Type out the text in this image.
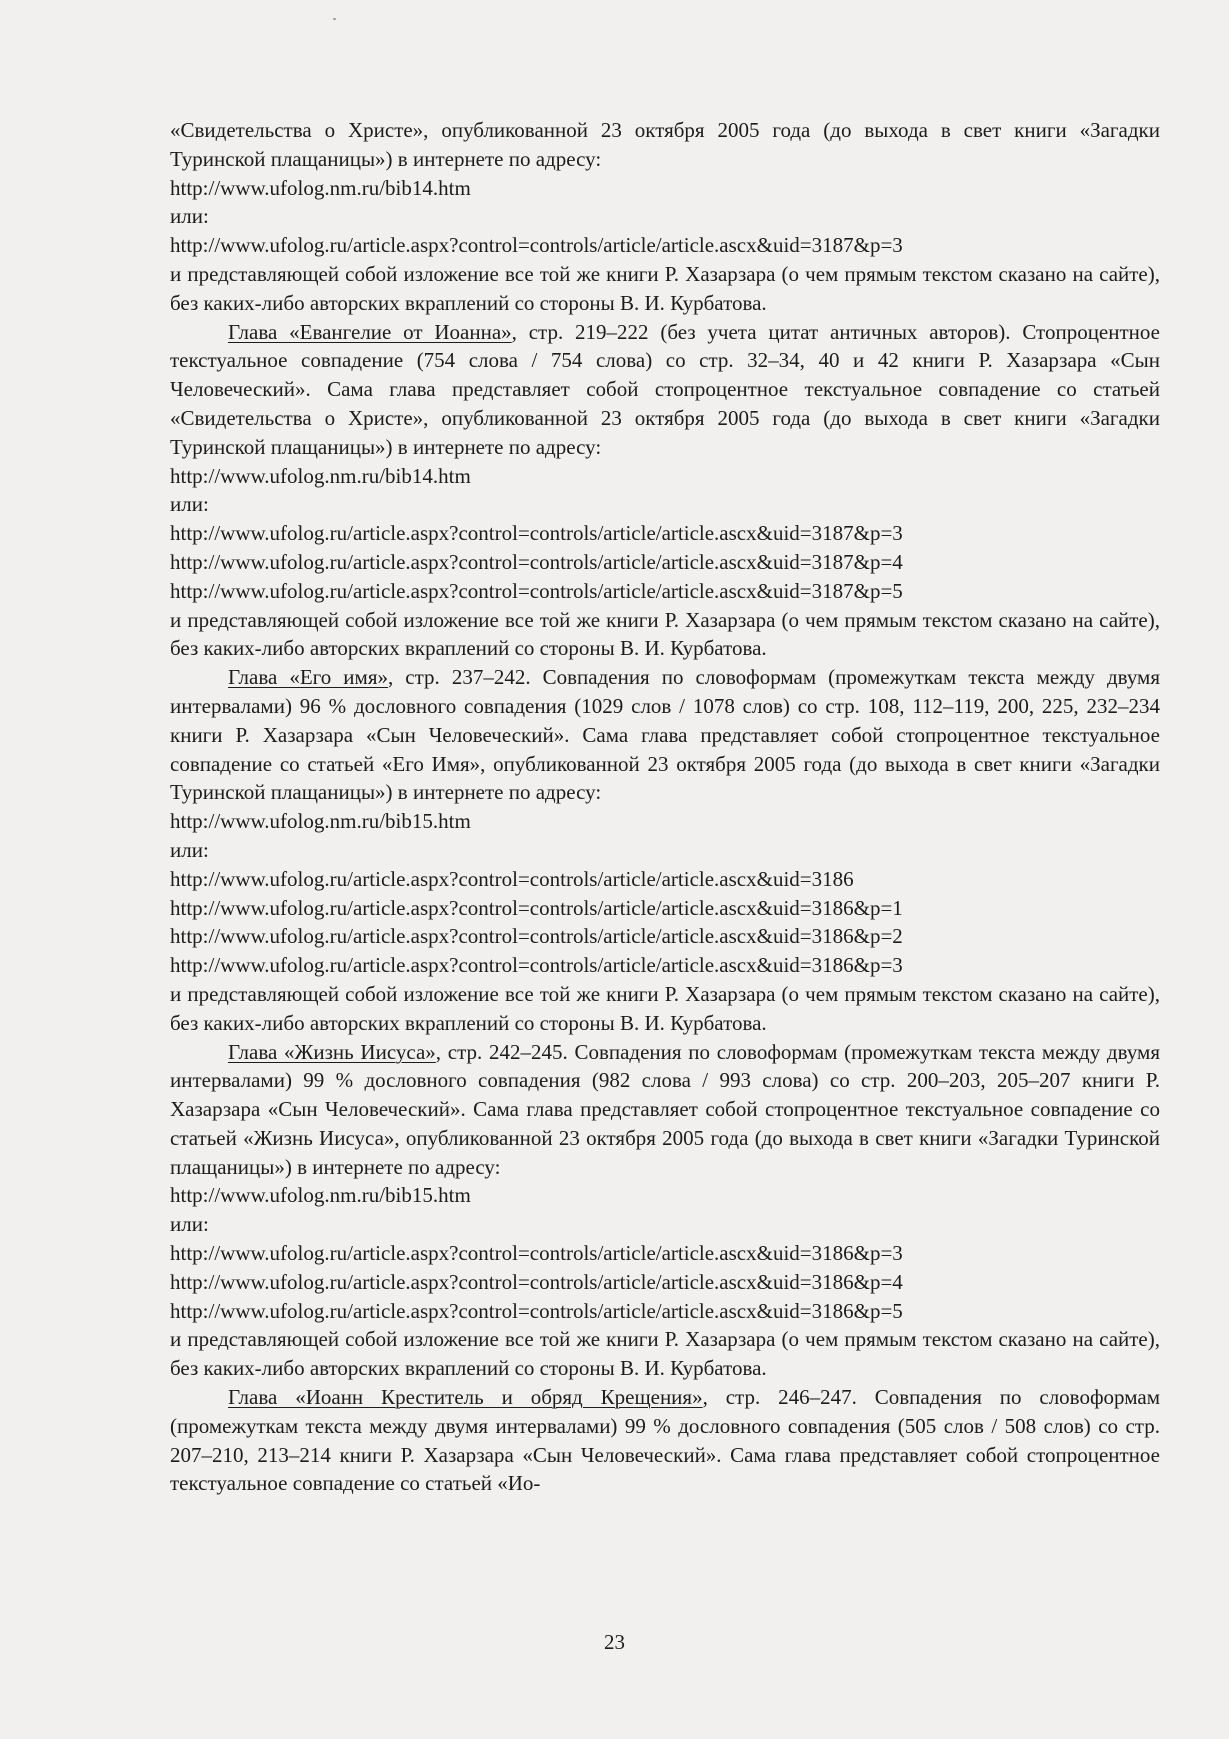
«Свидетельства о Христе», опубликованной 23 октября 2005 года (до выхода в свет книги «Загадки Туринской плащаницы») в интернете по адресу:

http://www.ufolog.nm.ru/bib14.htm
или:
http://www.ufolog.ru/article.aspx?control=controls/article/article.ascx&uid=3187&p=3

и представляющей собой изложение все той же книги Р. Хазарзара (о чем прямым текстом сказано на сайте), без каких-либо авторских вкраплений со стороны В. И. Курбатова.

Глава «Евангелие от Иоанна», стр. 219–222 (без учета цитат античных авторов). Стопроцентное текстуальное совпадение (754 слова / 754 слова) со стр. 32–34, 40 и 42 книги Р. Хазарзара «Сын Человеческий». Сама глава представляет собой стопроцентное текстуальное совпадение со статьей «Свидетельства о Христе», опубликованной 23 октября 2005 года (до выхода в свет книги «Загадки Туринской плащаницы») в интернете по адресу:

http://www.ufolog.nm.ru/bib14.htm
или:
http://www.ufolog.ru/article.aspx?control=controls/article/article.ascx&uid=3187&p=3
http://www.ufolog.ru/article.aspx?control=controls/article/article.ascx&uid=3187&p=4
http://www.ufolog.ru/article.aspx?control=controls/article/article.ascx&uid=3187&p=5

и представляющей собой изложение все той же книги Р. Хазарзара (о чем прямым текстом сказано на сайте), без каких-либо авторских вкраплений со стороны В. И. Курбатова.

Глава «Его имя», стр. 237–242. Совпадения по словоформам (промежуткам текста между двумя интервалами) 96 % дословного совпадения (1029 слов / 1078 слов) со стр. 108, 112–119, 200, 225, 232–234 книги Р. Хазарзара «Сын Человеческий». Сама глава представляет собой стопроцентное текстуальное совпадение со статьей «Его Имя», опубликованной 23 октября 2005 года (до выхода в свет книги «Загадки Туринской плащаницы») в интернете по адресу:

http://www.ufolog.nm.ru/bib15.htm
или:
http://www.ufolog.ru/article.aspx?control=controls/article/article.ascx&uid=3186
http://www.ufolog.ru/article.aspx?control=controls/article/article.ascx&uid=3186&p=1
http://www.ufolog.ru/article.aspx?control=controls/article/article.ascx&uid=3186&p=2
http://www.ufolog.ru/article.aspx?control=controls/article/article.ascx&uid=3186&p=3

и представляющей собой изложение все той же книги Р. Хазарзара (о чем прямым текстом сказано на сайте), без каких-либо авторских вкраплений со стороны В. И. Курбатова.

Глава «Жизнь Иисуса», стр. 242–245. Совпадения по словоформам (промежуткам текста между двумя интервалами) 99 % дословного совпадения (982 слова / 993 слова) со стр. 200–203, 205–207 книги Р. Хазарзара «Сын Человеческий». Сама глава представляет собой стопроцентное текстуальное совпадение со статьей «Жизнь Иисуса», опубликованной 23 октября 2005 года (до выхода в свет книги «Загадки Туринской плащаницы») в интернете по адресу:

http://www.ufolog.nm.ru/bib15.htm
или:
http://www.ufolog.ru/article.aspx?control=controls/article/article.ascx&uid=3186&p=3
http://www.ufolog.ru/article.aspx?control=controls/article/article.ascx&uid=3186&p=4
http://www.ufolog.ru/article.aspx?control=controls/article/article.ascx&uid=3186&p=5

и представляющей собой изложение все той же книги Р. Хазарзара (о чем прямым текстом сказано на сайте), без каких-либо авторских вкраплений со стороны В. И. Курбатова.

Глава «Иоанн Креститель и обряд Крещения», стр. 246–247. Совпадения по словоформам (промежуткам текста между двумя интервалами) 99 % дословного совпадения (505 слов / 508 слов) со стр. 207–210, 213–214 книги Р. Хазарзара «Сын Человеческий». Сама глава представляет собой стопроцентное текстуальное совпадение со статьей «Ио-

23
